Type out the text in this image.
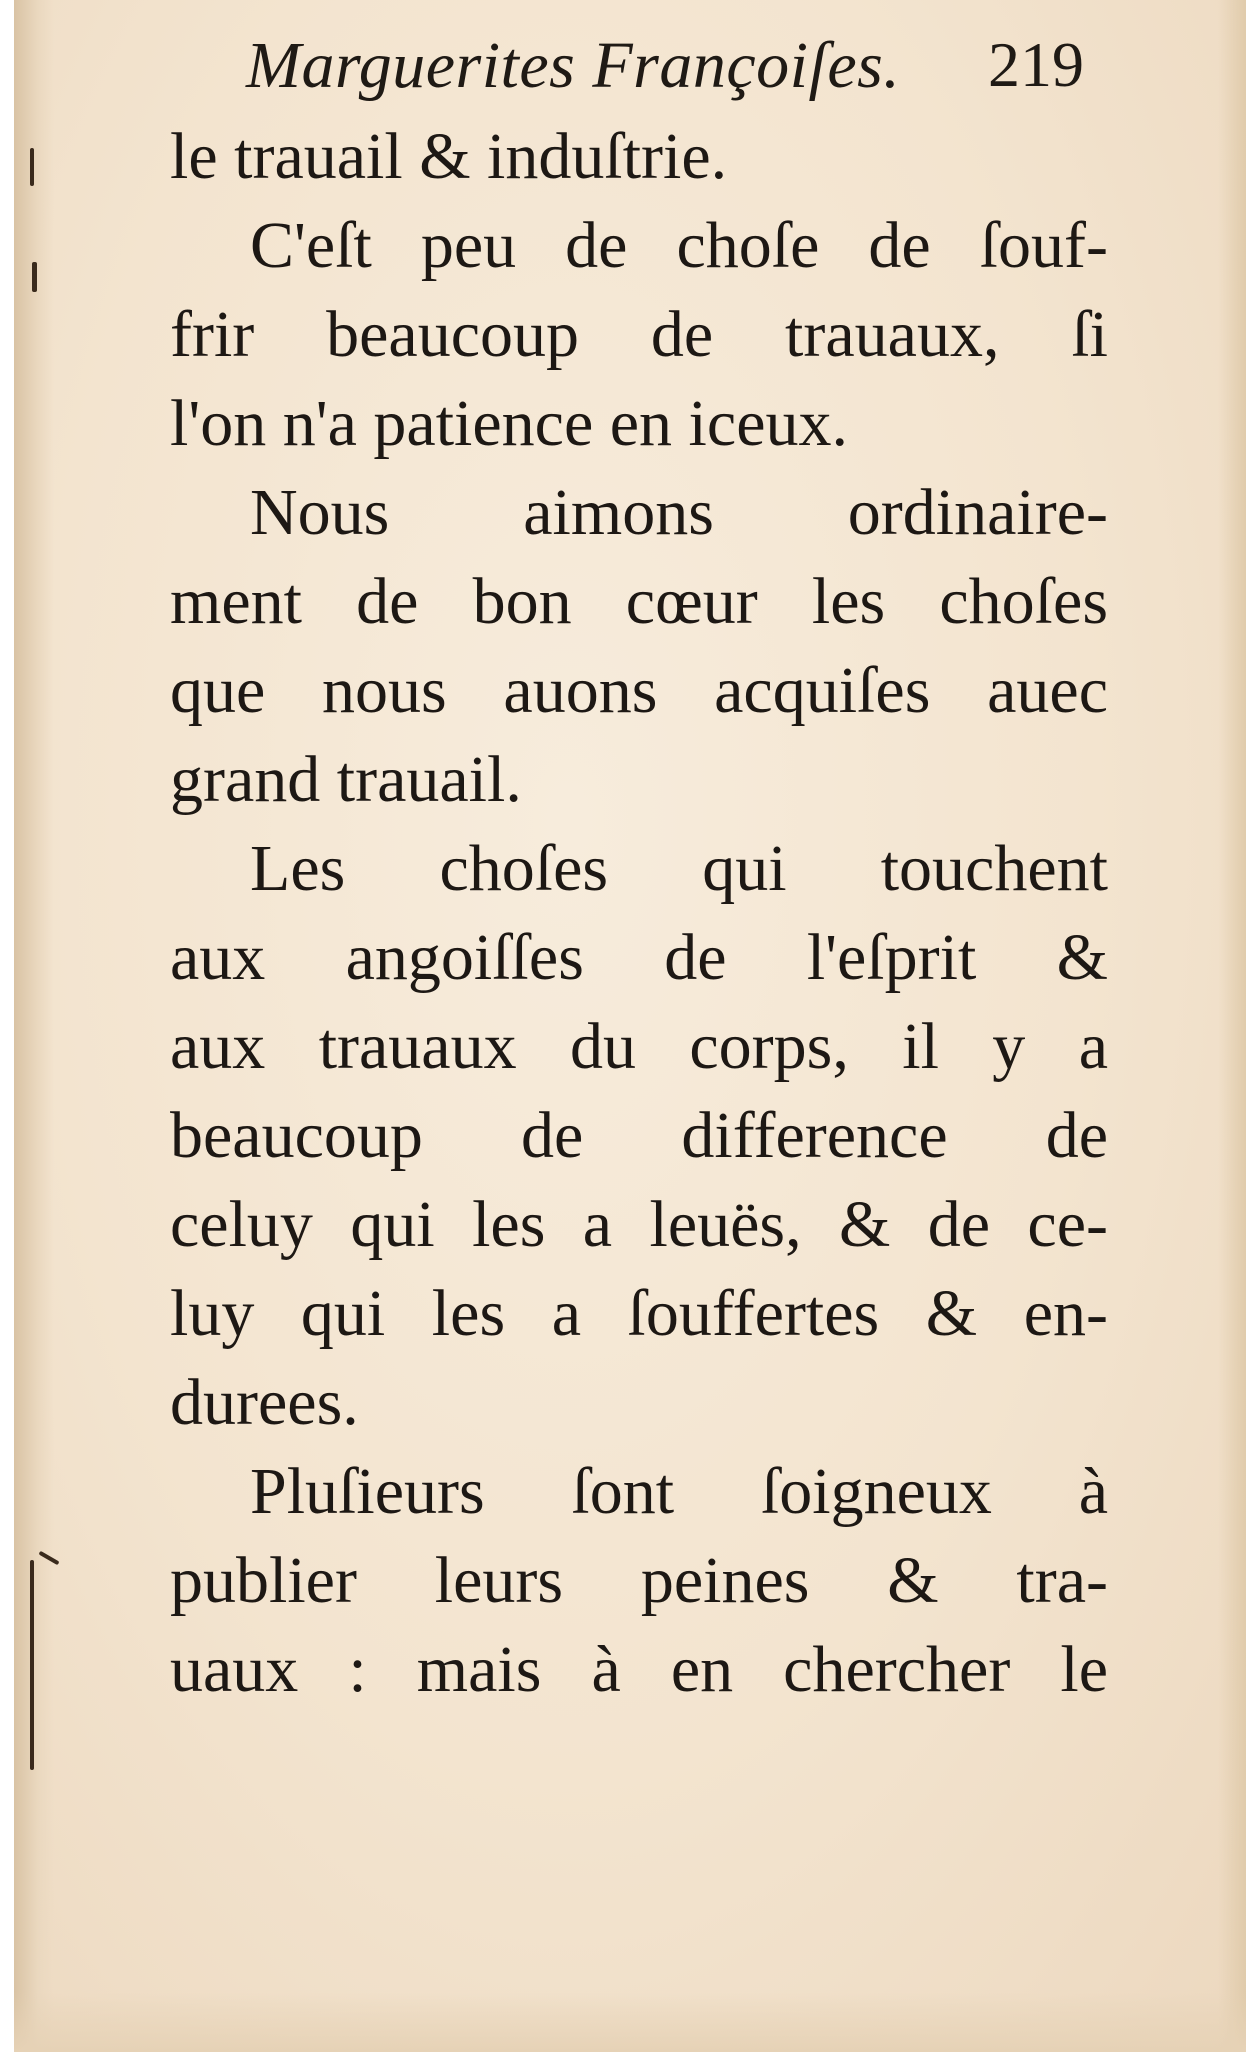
Marguerites Françoiſes. 219
le trauail & induſtrie.
C'eſt peu de choſe de ſouf-
frir beaucoup de trauaux, ſi
l'on n'a patience en iceux.
Nous aimons ordinaire-
ment de bon cœur les choſes
que nous auons acquiſes auec
grand trauail.
Les choſes qui touchent
aux angoiſſes de l'eſprit &
aux trauaux du corps, il y a
beaucoup de difference de
celuy qui les a leuës, & de ce-
luy qui les a ſouffertes & en-
durees.
Pluſieurs ſont ſoigneux à
publier leurs peines & tra-
uaux : mais à en chercher le
